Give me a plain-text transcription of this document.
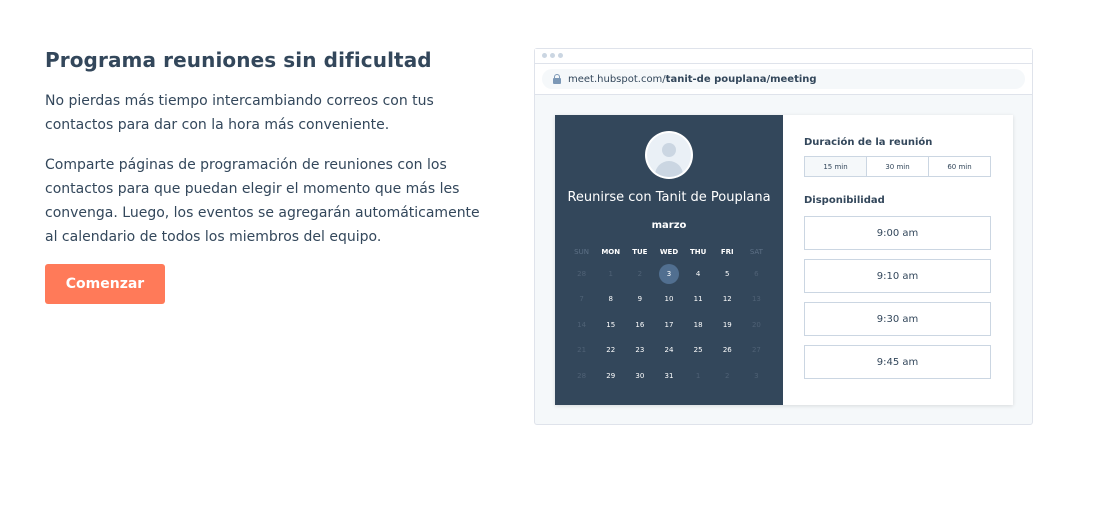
Programa reuniones sin dificultad

No pierdas más tiempo intercambiando correos con tus contactos para dar con la hora más conveniente.

Comparte páginas de programación de reuniones con los contactos para que puedan elegir el momento que más les convenga. Luego, los eventos se agregarán automáticamente al calendario de todos los miembros del equipo.

Comenzar
meet.hubspot.com/tanit-de pouplana/meeting
Reunirse con Tanit de Pouplana
marzo
SUN	MON	TUE	WED	THU	FRI	SAT
28	1	2	3	4	5	6
7	8	9	10	11	12	13
14	15	16	17	18	19	20
21	22	23	24	25	26	27
28	29	30	31	1	2	3
Duración de la reunión
15 min	30 min	60 min
Disponibilidad
9:00 am
9:10 am
9:30 am
9:45 am
